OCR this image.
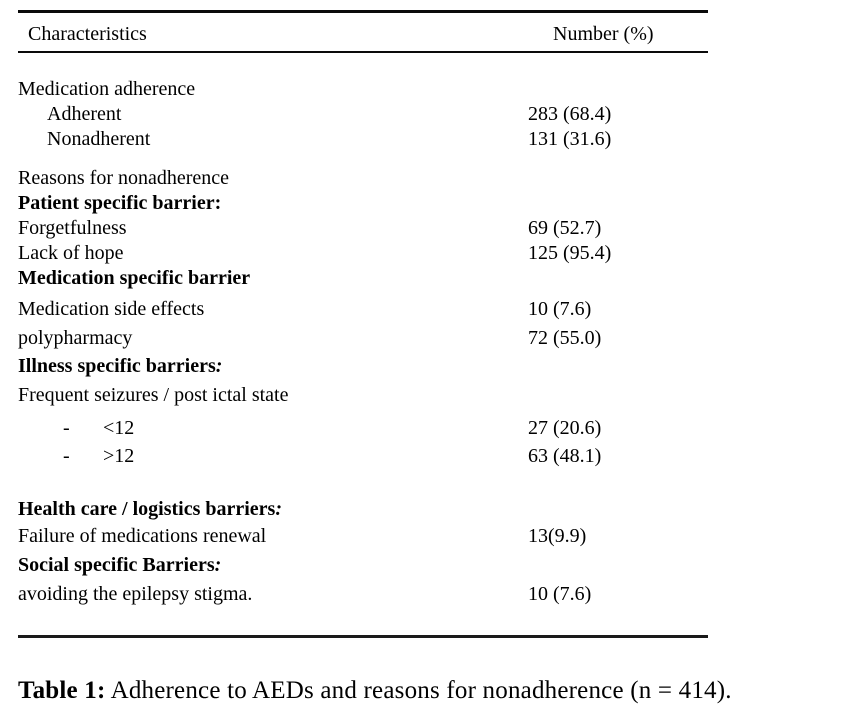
Characteristics	Number (%)
Medication adherence
Adherent	283 (68.4)
Nonadherent	131 (31.6)
Reasons for nonadherence
Patient specific barrier:
Forgetfulness	69 (52.7)
Lack of hope	125 (95.4)
Medication specific barrier
Medication side effects	10 (7.6)
polypharmacy	72 (55.0)
Illness specific barriers:
Frequent seizures / post ictal state
- <12	27 (20.6)
- >12	63 (48.1)
Health care / logistics barriers:
Failure of medications renewal	13(9.9)
Social specific Barriers:
avoiding the epilepsy stigma.	10 (7.6)

Table 1: Adherence to AEDs and reasons for nonadherence (n = 414).
